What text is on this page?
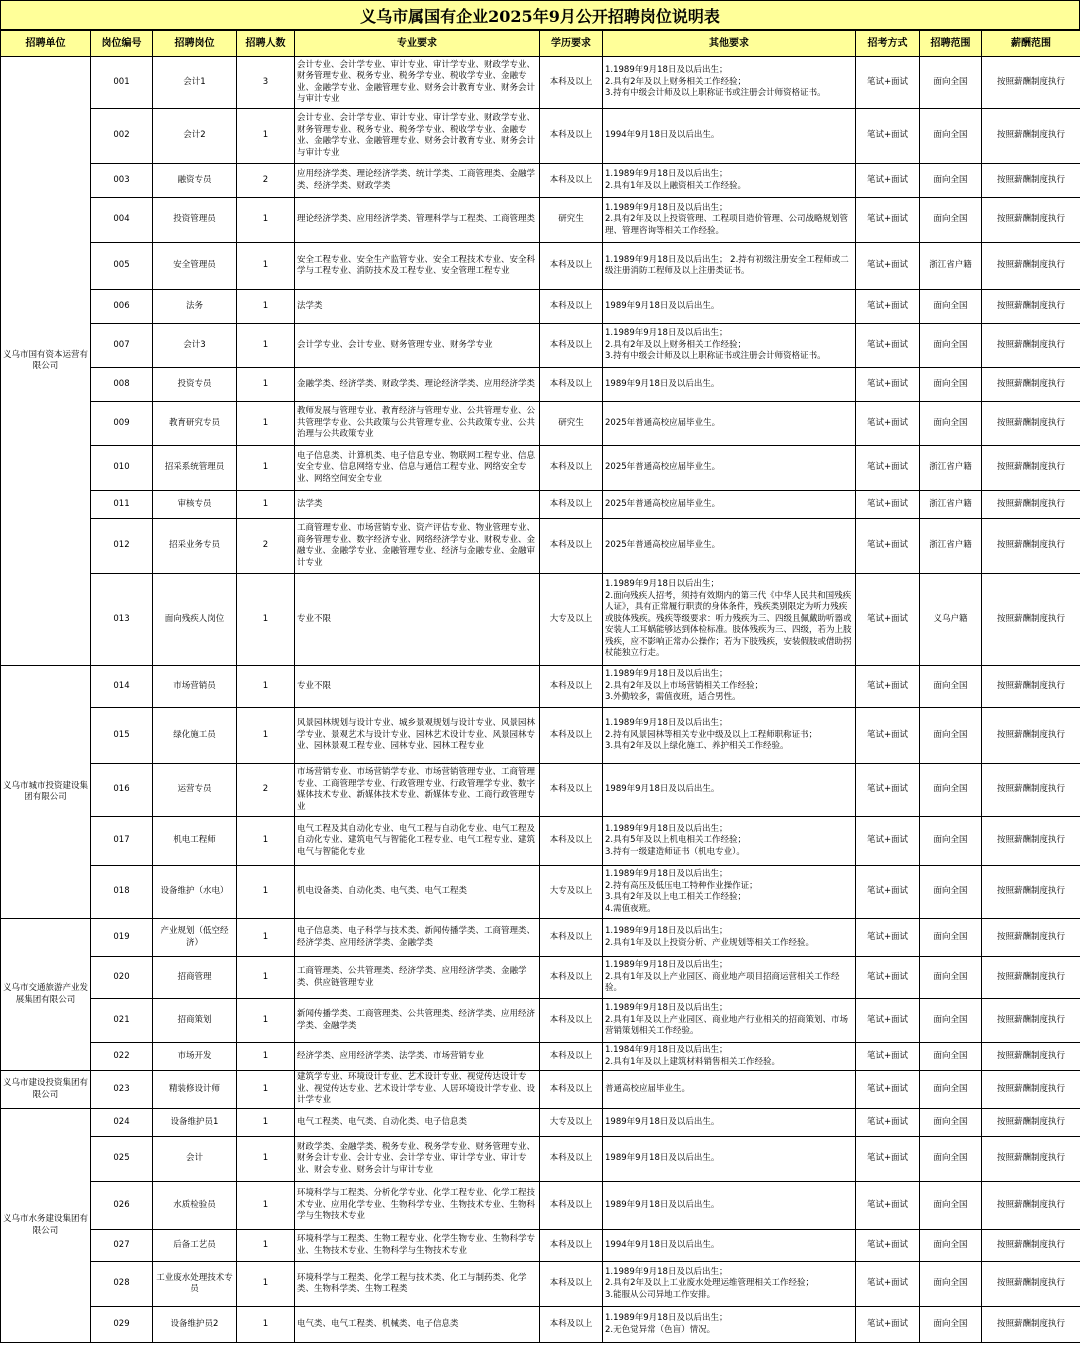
义乌市属国有企业2025年9月公开招聘岗位说明表
招聘单位	岗位编号	招聘岗位	招聘人数	专业要求	学历要求	其他要求	招考方式	招聘范围	薪酬范围
义乌市国有资本运营有限公司	001	会计1	3	会计专业、会计学专业、审计专业、审计学专业、财政学专业、财务管理专业、税务专业、税务学专业、税收学专业、金融专业、金融学专业、金融管理专业、财务会计教育专业、财务会计与审计专业	本科及以上	1.1989年9月18日及以后出生；
2.具有2年及以上财务相关工作经验；
3.持有中级会计师及以上职称证书或注册会计师资格证书。	笔试+面试	面向全国	按照薪酬制度执行
	002	会计2	1	会计专业、会计学专业、审计专业、审计学专业、财政学专业、财务管理专业、税务专业、税务学专业、税收学专业、金融专业、金融学专业、金融管理专业、财务会计教育专业、财务会计与审计专业	本科及以上	1994年9月18日及以后出生。	笔试+面试	面向全国	按照薪酬制度执行
	003	融资专员	2	应用经济学类、理论经济学类、统计学类、工商管理类、金融学类、经济学类、财政学类	本科及以上	1.1989年9月18日及以后出生；
2.具有1年及以上融资相关工作经验。	笔试+面试	面向全国	按照薪酬制度执行
	004	投资管理员	1	理论经济学类、应用经济学类、管理科学与工程类、工商管理类	研究生	1.1989年9月18日及以后出生；
2.具有2年及以上投资管理、工程项目造价管理、公司战略规划管理、管理咨询等相关工作经验。	笔试+面试	面向全国	按照薪酬制度执行
	005	安全管理员	1	安全工程专业、安全生产监管专业、安全工程技术专业、安全科学与工程专业、消防技术及工程专业、安全管理工程专业	本科及以上	1.1989年9月18日及以后出生； 2.持有初级注册安全工程师或二级注册消防工程师及以上注册类证书。	笔试+面试	浙江省户籍	按照薪酬制度执行
	006	法务	1	法学类	本科及以上	1989年9月18日及以后出生。	笔试+面试	面向全国	按照薪酬制度执行
	007	会计3	1	会计学专业、会计专业、财务管理专业、财务学专业	本科及以上	1.1989年9月18日及以后出生；
2.具有2年及以上财务相关工作经验；
3.持有中级会计师及以上职称证书或注册会计师资格证书。	笔试+面试	面向全国	按照薪酬制度执行
	008	投资专员	1	金融学类、经济学类、财政学类、理论经济学类、应用经济学类	本科及以上	1989年9月18日及以后出生。	笔试+面试	面向全国	按照薪酬制度执行
	009	教育研究专员	1	教师发展与管理专业、教育经济与管理专业、公共管理专业、公共管理学专业、公共政策与公共管理专业、公共政策专业、公共治理与公共政策专业	研究生	2025年普通高校应届毕业生。	笔试+面试	面向全国	按照薪酬制度执行
	010	招采系统管理员	1	电子信息类、计算机类、电子信息专业、物联网工程专业、信息安全专业、信息网络专业、信息与通信工程专业、网络安全专业、网络空间安全专业	本科及以上	2025年普通高校应届毕业生。	笔试+面试	浙江省户籍	按照薪酬制度执行
	011	审核专员	1	法学类	本科及以上	2025年普通高校应届毕业生。	笔试+面试	浙江省户籍	按照薪酬制度执行
	012	招采业务专员	2	工商管理专业、市场营销专业、资产评估专业、物业管理专业、商务管理专业、数字经济专业、网络经济学专业、财税专业、金融专业、金融学专业、金融管理专业、经济与金融专业、金融审计专业	本科及以上	2025年普通高校应届毕业生。	笔试+面试	浙江省户籍	按照薪酬制度执行
	013	面向残疾人岗位	1	专业不限	大专及以上	1.1989年9月18日以后出生；
2.面向残疾人招考，须持有效期内的第三代《中华人民共和国残疾人证》，具有正常履行职责的身体条件，残疾类别限定为听力残疾或肢体残疾。残疾等级要求：听力残疾为三、四级且佩戴助听器或安装人工耳蜗能够达到体检标准。肢体残疾为三、四级，若为上肢残疾，应不影响正常办公操作；若为下肢残疾，安装假肢或借助拐杖能独立行走。	笔试+面试	义乌户籍	按照薪酬制度执行
义乌市城市投资建设集团有限公司	014	市场营销员	1	专业不限	本科及以上	1.1989年9月18日及以后出生；
2.具有2年及以上市场营销相关工作经验；
3.外勤较多，需值夜班，适合男性。	笔试+面试	面向全国	按照薪酬制度执行
	015	绿化施工员	1	风景园林规划与设计专业、城乡景观规划与设计专业、风景园林学专业、景观艺术与设计专业、园林艺术设计专业、风景园林专业、园林景观工程专业、园林专业、园林工程专业	本科及以上	1.1989年9月18日及以后出生；
2.持有风景园林等相关专业中级及以上工程师职称证书；
3.具有2年及以上绿化施工、养护相关工作经验。	笔试+面试	面向全国	按照薪酬制度执行
	016	运营专员	2	市场营销专业、市场营销学专业、市场营销管理专业、工商管理专业、工商管理学专业、行政管理专业、行政管理学专业、数字媒体技术专业、新媒体技术专业、新媒体专业、工商行政管理专业	本科及以上	1989年9月18日及以后出生。	笔试+面试	面向全国	按照薪酬制度执行
	017	机电工程师	1	电气工程及其自动化专业、电气工程与自动化专业、电气工程及自动化专业、建筑电气与智能化工程专业、电气工程专业、建筑电气与智能化专业	本科及以上	1.1989年9月18日及以后出生；
2.具有5年及以上机电相关工作经验；
3.持有一级建造师证书（机电专业）。	笔试+面试	面向全国	按照薪酬制度执行
	018	设备维护（水电）	1	机电设备类、自动化类、电气类、电气工程类	大专及以上	1.1989年9月18日及以后出生；
2.持有高压及低压电工特种作业操作证；
3.具有2年及以上电工相关工作经验；
4.需值夜班。	笔试+面试	面向全国	按照薪酬制度执行
义乌市交通旅游产业发展集团有限公司	019	产业规划（低空经济）	1	电子信息类、电子科学与技术类、新闻传播学类、工商管理类、经济学类、应用经济学类、金融学类	本科及以上	1.1989年9月18日及以后出生；
2.具有1年及以上投资分析、产业规划等相关工作经验。	笔试+面试	面向全国	按照薪酬制度执行
	020	招商管理	1	工商管理类、公共管理类、经济学类、应用经济学类、金融学类、供应链管理专业	本科及以上	1.1989年9月18日及以后出生；
2.具有1年及以上产业园区、商业地产项目招商运营相关工作经验。	笔试+面试	面向全国	按照薪酬制度执行
	021	招商策划	1	新闻传播学类、工商管理类、公共管理类、经济学类、应用经济学类、金融学类	本科及以上	1.1989年9月18日及以后出生；
2.具有1年及以上产业园区、商业地产行业相关的招商策划、市场营销策划相关工作经验。	笔试+面试	面向全国	按照薪酬制度执行
	022	市场开发	1	经济学类、应用经济学类、法学类、市场营销专业	本科及以上	1.1984年9月18日及以后出生；
2.具有1年及以上建筑材料销售相关工作经验。	笔试+面试	面向全国	按照薪酬制度执行
义乌市建设投资集团有限公司	023	精装修设计师	1	建筑学专业、环境设计专业、艺术设计专业、视觉传达设计专业、视觉传达专业、艺术设计学专业、人居环境设计学专业、设计学专业	本科及以上	普通高校应届毕业生。	笔试+面试	面向全国	按照薪酬制度执行
义乌市水务建设集团有限公司	024	设备维护员1	1	电气工程类、电气类、自动化类、电子信息类	大专及以上	1989年9月18日及以后出生。	笔试+面试	面向全国	按照薪酬制度执行
	025	会计	1	财政学类、金融学类、税务专业、税务学专业、财务管理专业、财务会计专业、会计专业、会计学专业、审计学专业、审计专业、财会专业、财务会计与审计专业	本科及以上	1989年9月18日及以后出生。	笔试+面试	面向全国	按照薪酬制度执行
	026	水质检验员	1	环境科学与工程类、分析化学专业、化学工程专业、化学工程技术专业、应用化学专业、生物科学专业、生物技术专业、生物科学与生物技术专业	本科及以上	1989年9月18日及以后出生。	笔试+面试	面向全国	按照薪酬制度执行
	027	后备工艺员	1	环境科学与工程类、生物工程专业、化学生物专业、生物科学专业、生物技术专业、生物科学与生物技术专业	本科及以上	1994年9月18日及以后出生。	笔试+面试	面向全国	按照薪酬制度执行
	028	工业废水处理技术专员	1	环境科学与工程类、化学工程与技术类、化工与制药类、化学类、生物科学类、生物工程类	本科及以上	1.1989年9月18日及以后出生；
2.具有2年及以上工业废水处理运维管理相关工作经验；
3.能服从公司异地工作安排。	笔试+面试	面向全国	按照薪酬制度执行
	029	设备维护员2	1	电气类、电气工程类、机械类、电子信息类	本科及以上	1.1989年9月18日及以后出生；
2.无色觉异常（色盲）情况。	笔试+面试	面向全国	按照薪酬制度执行
